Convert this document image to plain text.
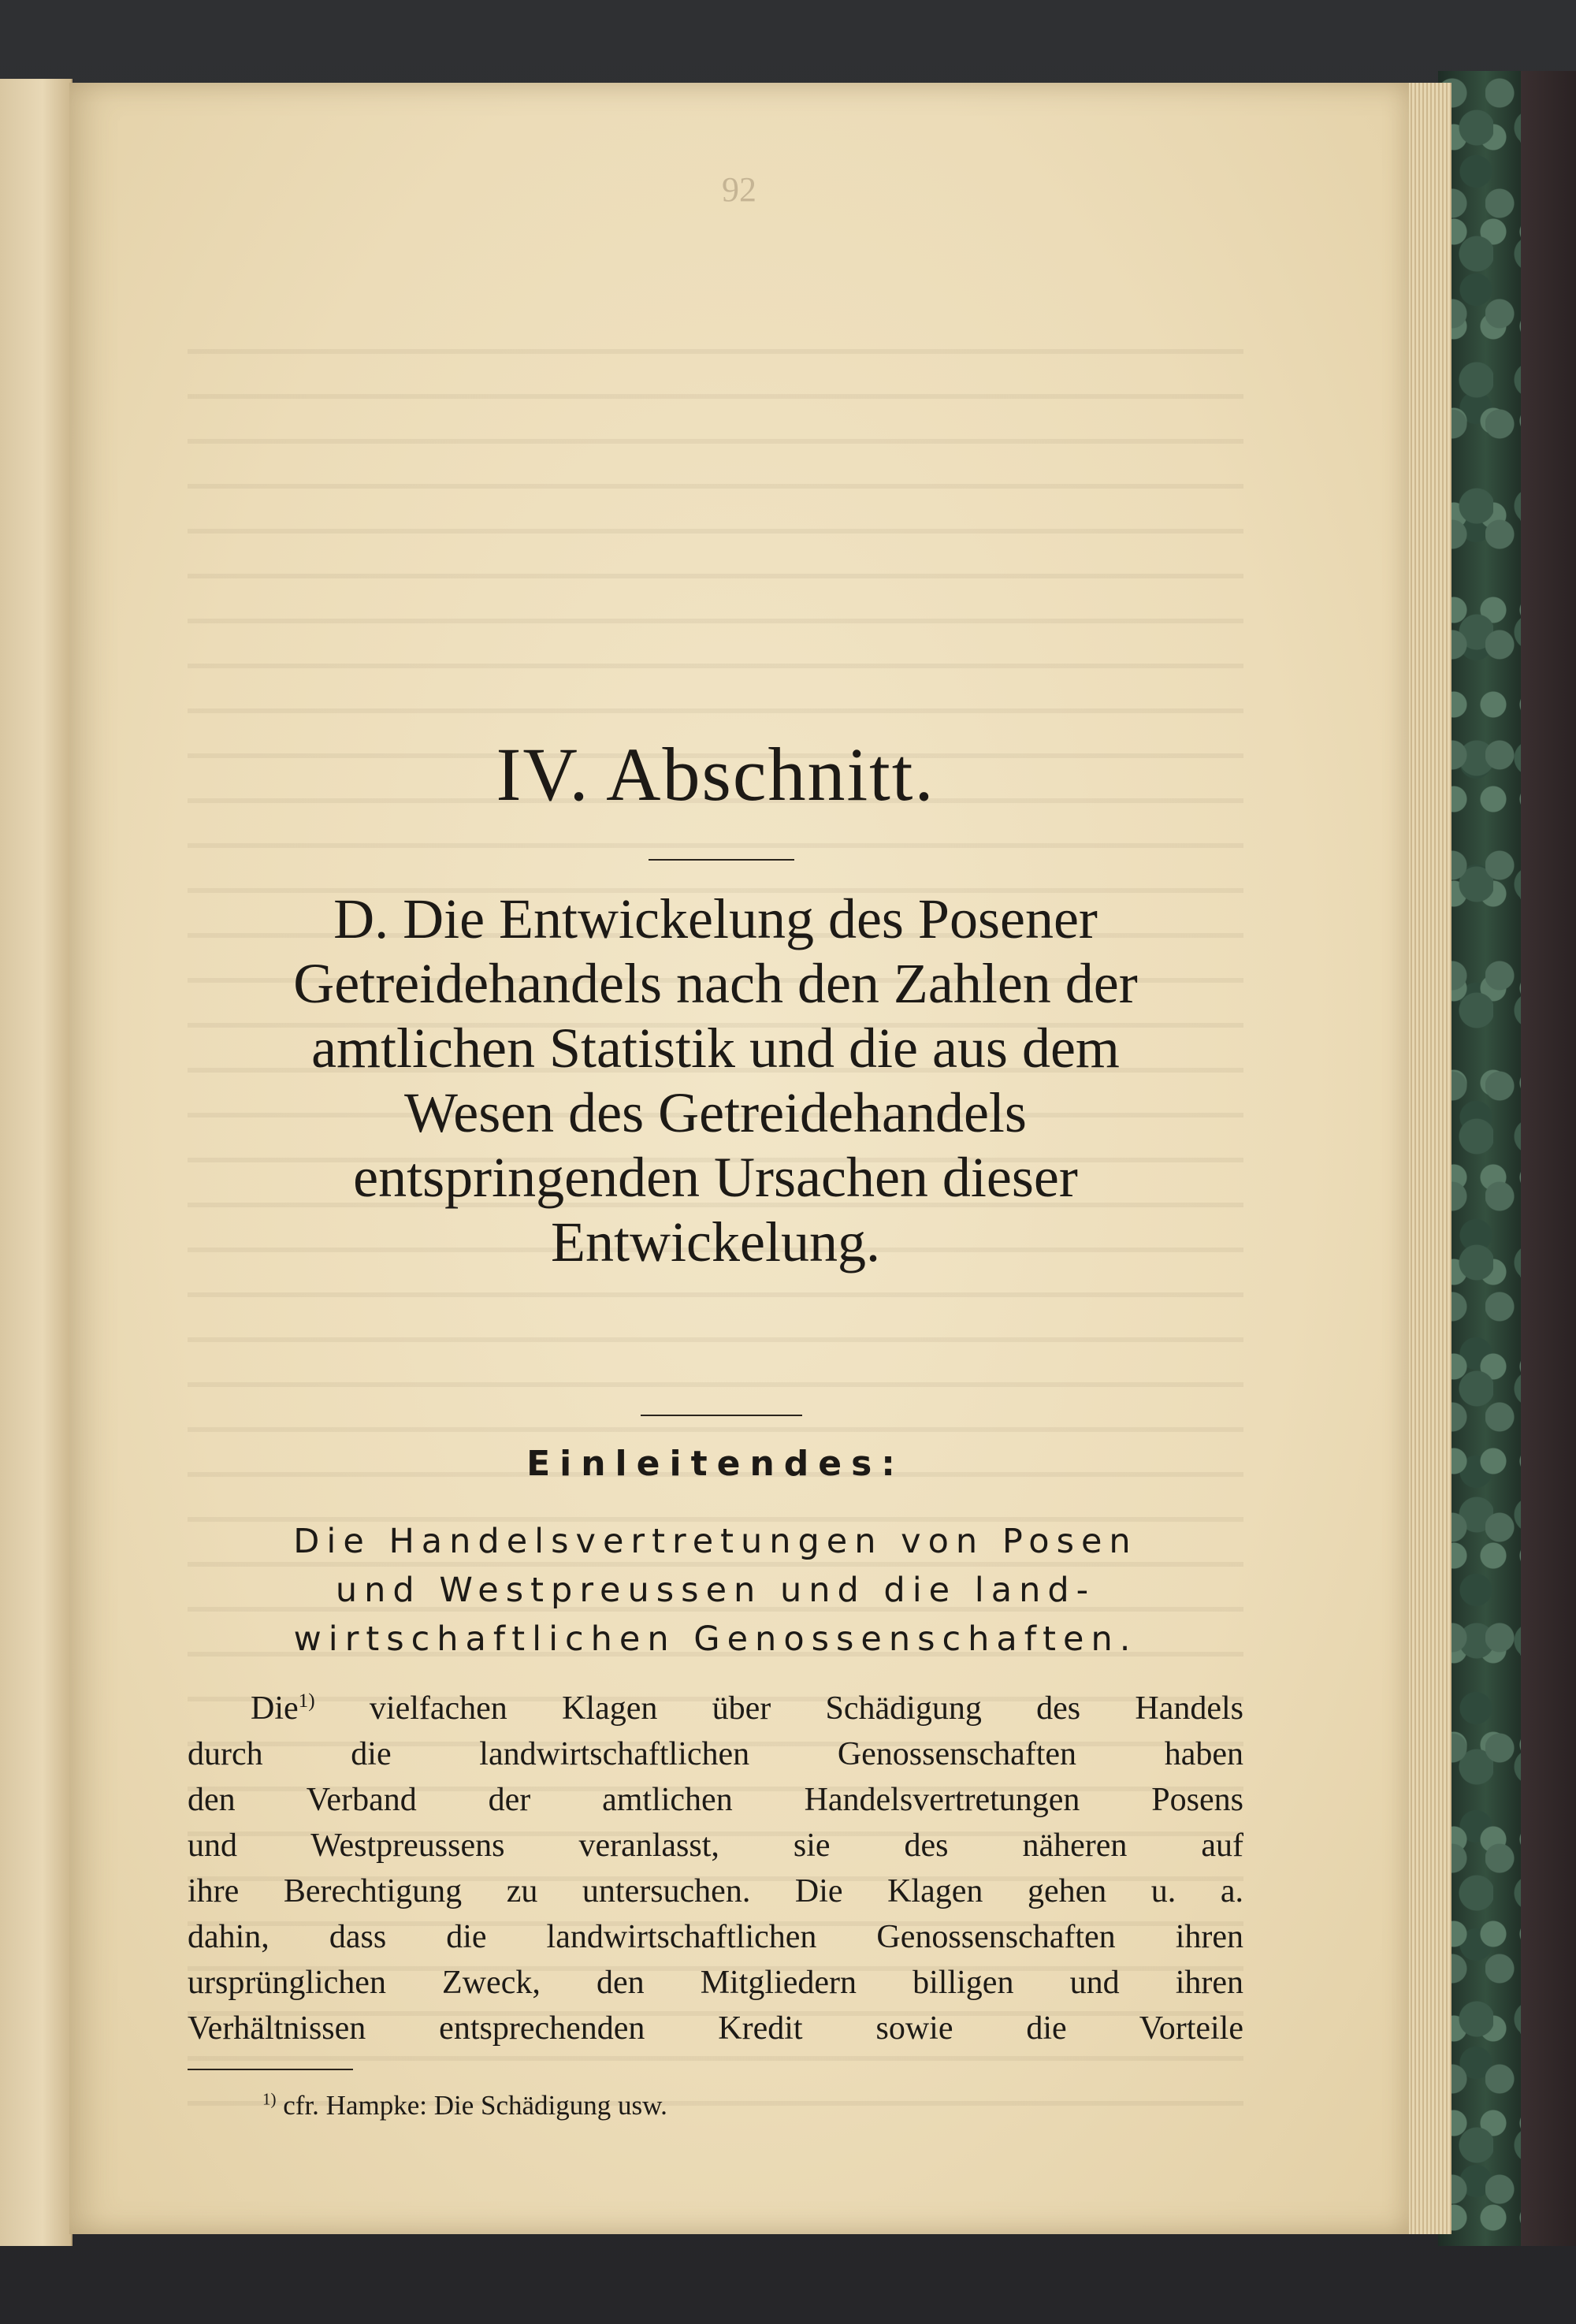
92
IV. Abschnitt.
D. Die Entwickelung des Posener
Getreidehandels nach den Zahlen der
amtlichen Statistik und die aus dem
Wesen des Getreidehandels
entspringenden Ursachen dieser
Entwickelung.
Einleitendes:
Die Handelsvertretungen von Posen
und Westpreussen und die land-
wirtschaftlichen Genossenschaften.
Die$^{1)}$ vielfachen Klagen über Schädigung des Handels
durch die landwirtschaftlichen Genossenschaften haben
den Verband der amtlichen Handelsvertretungen Posens
und Westpreussens veranlasst, sie des näheren auf
ihre Berechtigung zu untersuchen. Die Klagen gehen u. a.
dahin, dass die landwirtschaftlichen Genossenschaften ihren
ursprünglichen Zweck, den Mitgliedern billigen und ihren
Verhältnissen entsprechenden Kredit sowie die Vorteile
$^{1)}$ cfr. Hampke: Die Schädigung usw.
